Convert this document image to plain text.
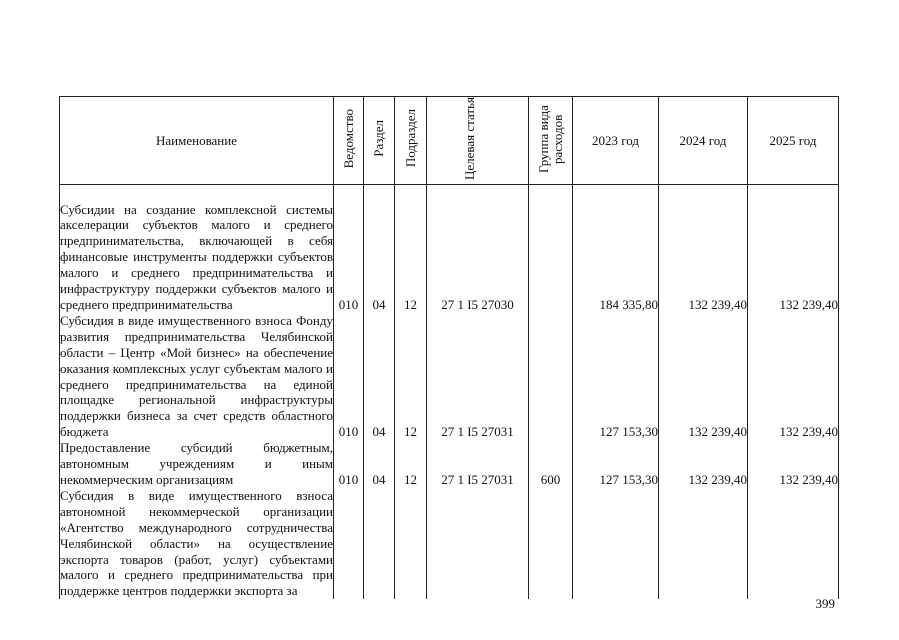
Наименование	Ведомство	Раздел	Подраздел	Целевая статья	Группа вида расходов	2023 год	2024 год	2025 год
Субсидии на создание комплексной системы акселерации субъектов малого и среднего предпринимательства, включающей в себя финансовые инструменты поддержки субъектов малого и среднего предпринимательства и инфраструктуру поддержки субъектов малого и среднего предпринимательства	010	04	12	27 1 I5 27030		184 335,80	132 239,40	132 239,40
Субсидия в виде имущественного взноса Фонду развития предпринимательства Челябинской области – Центр «Мой бизнес» на обеспечение оказания комплексных услуг субъектам малого и среднего предпринимательства на единой площадке региональной инфраструктуры поддержки бизнеса за счет средств областного бюджета	010	04	12	27 1 I5 27031		127 153,30	132 239,40	132 239,40
Предоставление субсидий бюджетным, автономным учреждениям и иным некоммерческим организациям	010	04	12	27 1 I5 27031	600	127 153,30	132 239,40	132 239,40
Субсидия в виде имущественного взноса автономной некоммерческой организации «Агентство международного сотрудничества Челябинской области» на осуществление экспорта товаров (работ, услуг) субъектами малого и среднего предпринимательства при поддержке центров поддержки экспорта за								
399
